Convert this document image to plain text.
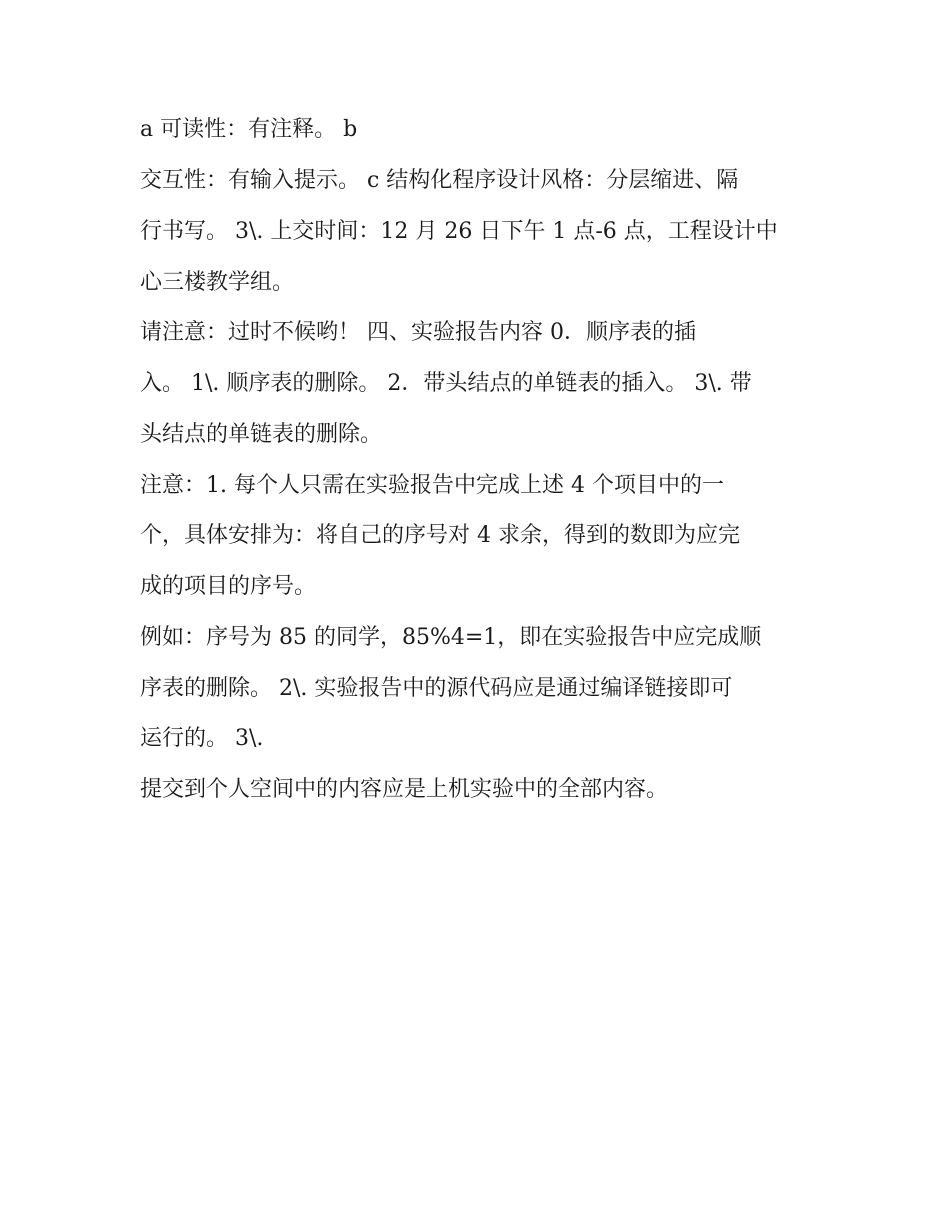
a 可读性：有注释。 b
交互性：有输入提示。 c 结构化程序设计风格：分层缩进、隔
行书写。 3\. 上交时间：12 月 26 日下午 1 点-6 点，工程设计中
心三楼教学组。
请注意：过时不候哟！ 四、实验报告内容 0．顺序表的插
入。 1\. 顺序表的删除。 2．带头结点的单链表的插入。 3\. 带
头结点的单链表的删除。
注意：1. 每个人只需在实验报告中完成上述 4 个项目中的一
个，具体安排为：将自己的序号对 4 求余，得到的数即为应完
成的项目的序号。
例如：序号为 85 的同学，85%4=1，即在实验报告中应完成顺
序表的删除。 2\. 实验报告中的源代码应是通过编译链接即可
运行的。 3\.
提交到个人空间中的内容应是上机实验中的全部内容。
